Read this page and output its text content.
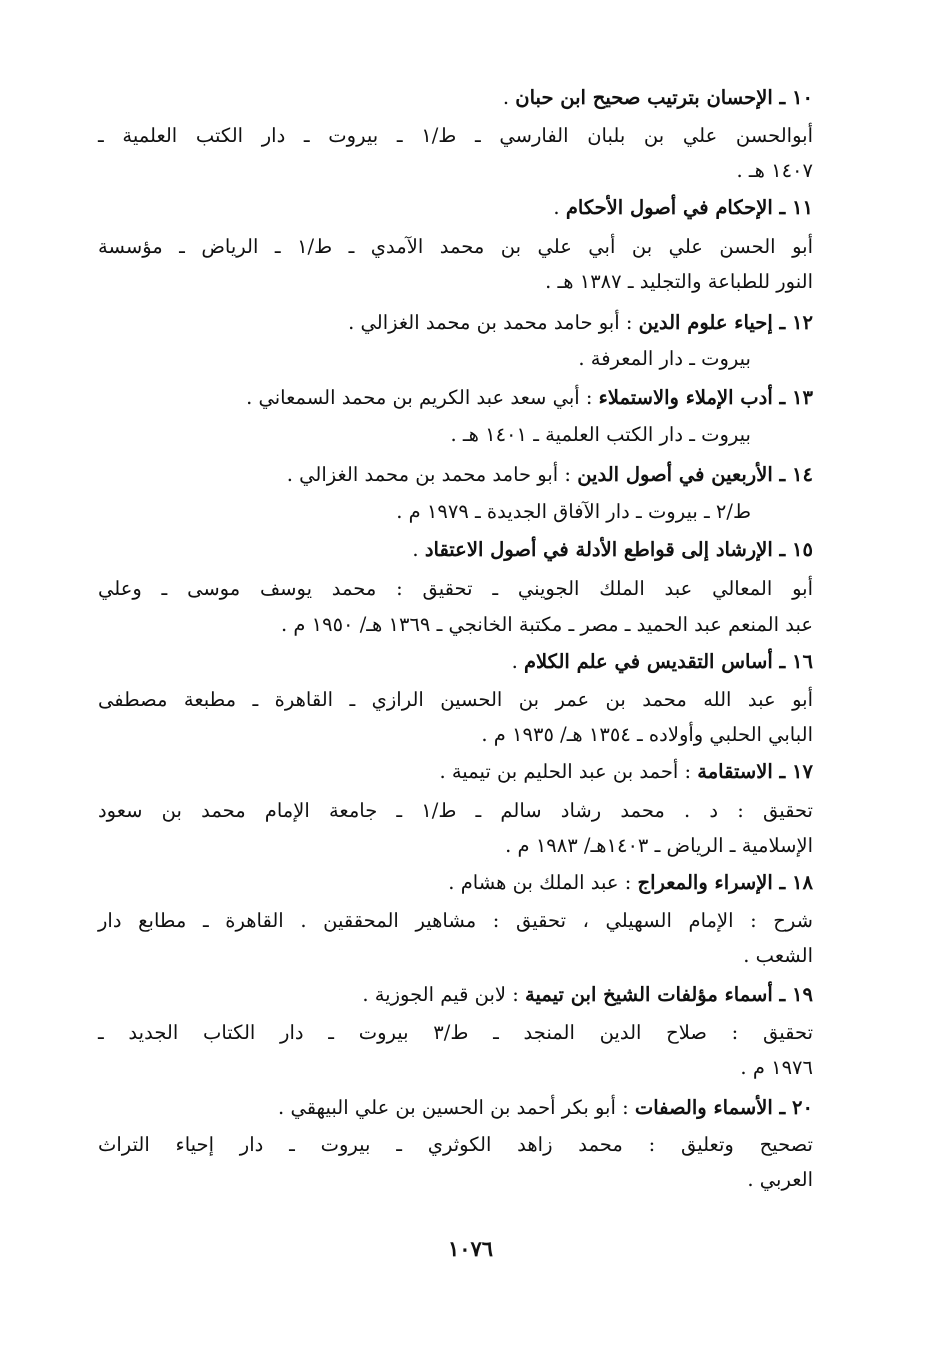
١٠ ـ الإحسان بترتيب صحيح ابن حبان .
أبوالحسن علي بن بلبان الفارسي ـ ط/١ ـ بيروت ـ دار الكتب العلمية ـ
١٤٠٧ هـ .
١١ ـ الإحكام في أصول الأحكام .
أبو الحسن علي بن أبي علي بن محمد الآمدي ـ ط/١ ـ الرياض ـ مؤسسة
النور للطباعة والتجليد ـ ١٣٨٧ هـ .
١٢ ـ إحياء علوم الدين : أبو حامد محمد بن محمد الغزالي .
بيروت ـ دار المعرفة .
١٣ ـ أدب الإملاء والاستملاء : أبي سعد عبد الكريم بن محمد السمعاني .
بيروت ـ دار الكتب العلمية ـ ١٤٠١ هـ .
١٤ ـ الأربعين في أصول الدين : أبو حامد محمد بن محمد الغزالي .
ط/٢ ـ بيروت ـ دار الآفاق الجديدة ـ ١٩٧٩ م .
١٥ ـ الإرشاد إلى قواطع الأدلة في أصول الاعتقاد .
أبو المعالي عبد الملك الجويني ـ تحقيق : محمد يوسف موسى ـ وعلي
عبد المنعم عبد الحميد ـ مصر ـ مكتبة الخانجي ـ ١٣٦٩ هـ/ ١٩٥٠ م .
١٦ ـ أساس التقديس في علم الكلام .
أبو عبد الله محمد بن عمر بن الحسين الرازي ـ القاهرة ـ مطبعة مصطفى
البابي الحلبي وأولاده ـ ١٣٥٤ هـ/ ١٩٣٥ م .
١٧ ـ الاستقامة : أحمد بن عبد الحليم بن تيمية .
تحقيق : د . محمد رشاد سالم ـ ط/١ ـ جامعة الإمام محمد بن سعود
الإسلامية ـ الرياض ـ ١٤٠٣هـ/ ١٩٨٣ م .
١٨ ـ الإسراء والمعراج : عبد الملك بن هشام .
شرح : الإمام السهيلي ، تحقيق : مشاهير المحققين . القاهرة ـ مطابع دار
الشعب .
١٩ ـ أسماء مؤلفات الشيخ ابن تيمية : لابن قيم الجوزية .
تحقيق : صلاح الدين المنجد ـ ط/٣ بيروت ـ دار الكتاب الجديد ـ
١٩٧٦ م .
٢٠ ـ الأسماء والصفات : أبو بكر أحمد بن الحسين بن علي البيهقي .
تصحيح وتعليق : محمد زاهد الكوثري ـ بيروت ـ دار إحياء التراث
العربي .
١٠٧٦
